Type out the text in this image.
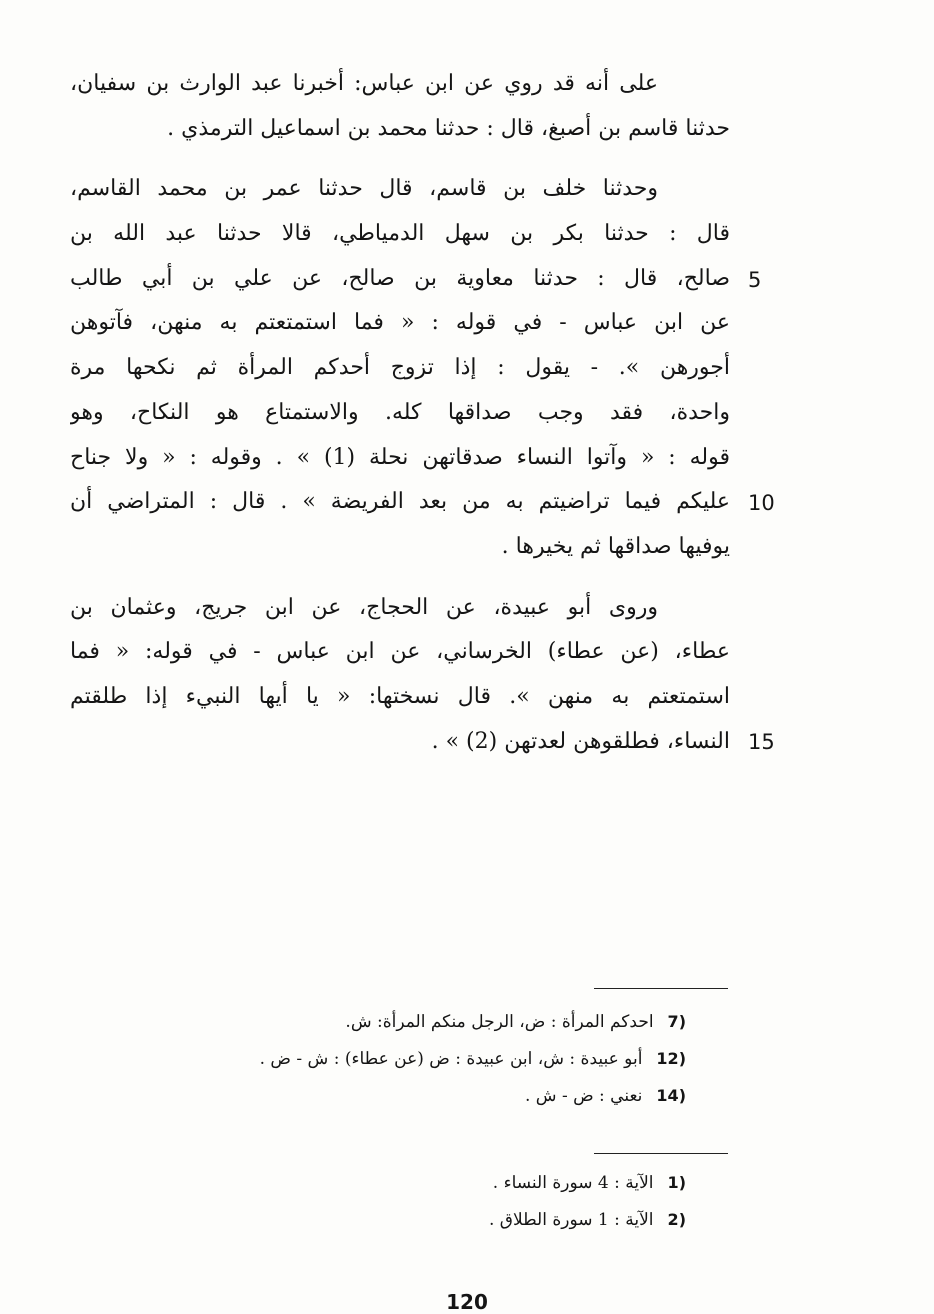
على أنه قد روي عن ابن عباس: أخبرنا عبد الوارث بن سفيان،
حدثنا قاسم بن أصبغ، قال : حدثنا محمد بن اسماعيل الترمذي .
وحدثنا خلف بن قاسم، قال حدثنا عمر بن محمد القاسم،
قال : حدثنا بكر بن سهل الدمياطي، قالا حدثنا عبد الله بن
صالح، قال : حدثنا معاوية بن صالح، عن علي بن أبي طالب
عن ابن عباس - في قوله : « فما استمتعتم به منهن، فآتوهن
أجورهن ». - يقول : إذا تزوج أحدكم المرأة ثم نكحها مرة
واحدة، فقد وجب صداقها كله. والاستمتاع هو النكاح، وهو
قوله : « وآتوا النساء صدقاتهن نحلة (1) » . وقوله : « ولا جناح
عليكم فيما تراضيتم به من بعد الفريضة » . قال : المتراضي أن
يوفيها صداقها ثم يخيرها .
وروى أبو عبيدة، عن الحجاج، عن ابن جريج، وعثمان بن
عطاء، (عن عطاء) الخرساني، عن ابن عباس - في قوله: « فما
استمتعتم به منهن ». قال نسختها: « يا أيها النبيء إذا طلقتم
النساء، فطلقوهن لعدتهن (2) » .
5
10
15
(7احدكم المرأة : ض، الرجل منكم المرأة: ش.
(12أبو عبيدة : ش، ابن عبيدة : ض (عن عطاء) : ش - ض .
(14نعني : ض - ش .
(1الآية : 4 سورة النساء .
(2الآية : 1 سورة الطلاق .
120
